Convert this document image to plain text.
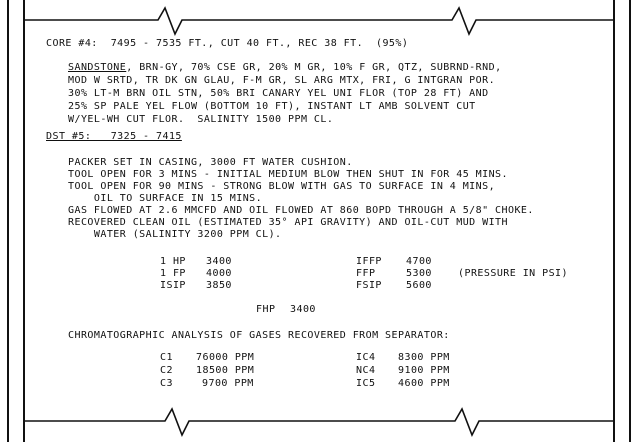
CORE #4:  7495 - 7535 FT., CUT 40 FT., REC 38 FT.  (95%)
SANDSTONE, BRN-GY, 70% CSE GR, 20% M GR, 10% F GR, QTZ, SUBRND-RND,
MOD W SRTD, TR DK GN GLAU, F-M GR, SL ARG MTX, FRI, G INTGRAN POR.
30% LT-M BRN OIL STN, 50% BRI CANARY YEL UNI FLOR (TOP 28 FT) AND
25% SP PALE YEL FLOW (BOTTOM 10 FT), INSTANT LT AMB SOLVENT CUT
W/YEL-WH CUT FLOR.  SALINITY 1500 PPM CL.
DST #5:   7325 - 7415
PACKER SET IN CASING, 3000 FT WATER CUSHION.
TOOL OPEN FOR 3 MINS - INITIAL MEDIUM BLOW THEN SHUT IN FOR 45 MINS.
TOOL OPEN FOR 90 MINS - STRONG BLOW WITH GAS TO SURFACE IN 4 MINS,
OIL TO SURFACE IN 15 MINS.
GAS FLOWED AT 2.6 MMCFD AND OIL FLOWED AT 860 BOPD THROUGH A 5/8" CHOKE.
RECOVERED CLEAN OIL (ESTIMATED 35° API GRAVITY) AND OIL-CUT MUD WITH
WATER (SALINITY 3200 PPM CL).
1 HP 3400
1 FP 4000
ISIP 3850
IFFP 4700
FFP	5300
FSIP 5600
(PRESSURE IN PSI)
FHP 3400
CHROMATOGRAPHIC ANALYSIS OF GASES RECOVERED FROM SEPARATOR:
C1 76000 PPM
C2 18500 PPM
C3	9700 PPM
IC4 8300 PPM
NC4 9100 PPM
IC5 4600 PPM
